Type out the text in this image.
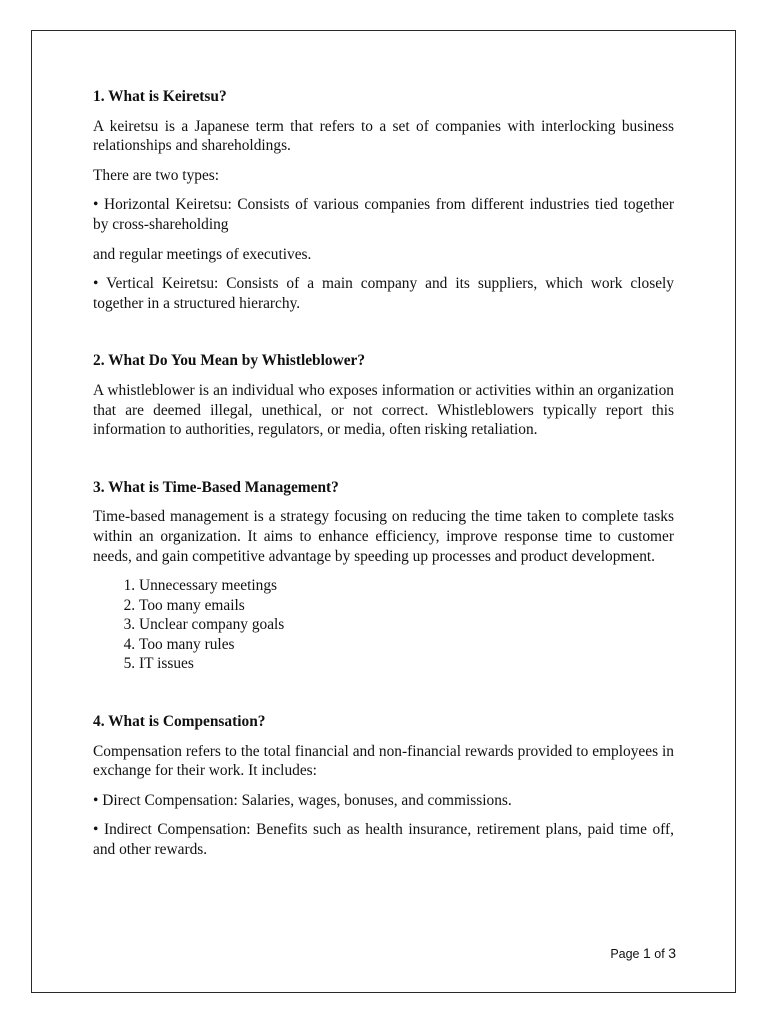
1. What is Keiretsu?

A keiretsu is a Japanese term that refers to a set of companies with interlocking business relationships and shareholdings.

There are two types:

• Horizontal Keiretsu: Consists of various companies from different industries tied together by cross-shareholding

and regular meetings of executives.

• Vertical Keiretsu: Consists of a main company and its suppliers, which work closely together in a structured hierarchy.

2. What Do You Mean by Whistleblower?

A whistleblower is an individual who exposes information or activities within an organization that are deemed illegal, unethical, or not correct. Whistleblowers typically report this information to authorities, regulators, or media, often risking retaliation.

3. What is Time-Based Management?

Time-based management is a strategy focusing on reducing the time taken to complete tasks within an organization. It aims to enhance efficiency, improve response time to customer needs, and gain competitive advantage by speeding up processes and product development.

1. Unnecessary meetings
2. Too many emails
3. Unclear company goals
4. Too many rules
5. IT issues
4. What is Compensation?

Compensation refers to the total financial and non-financial rewards provided to employees in exchange for their work. It includes:

• Direct Compensation: Salaries, wages, bonuses, and commissions.

• Indirect Compensation: Benefits such as health insurance, retirement plans, paid time off, and other rewards.

Page 1 of 3
